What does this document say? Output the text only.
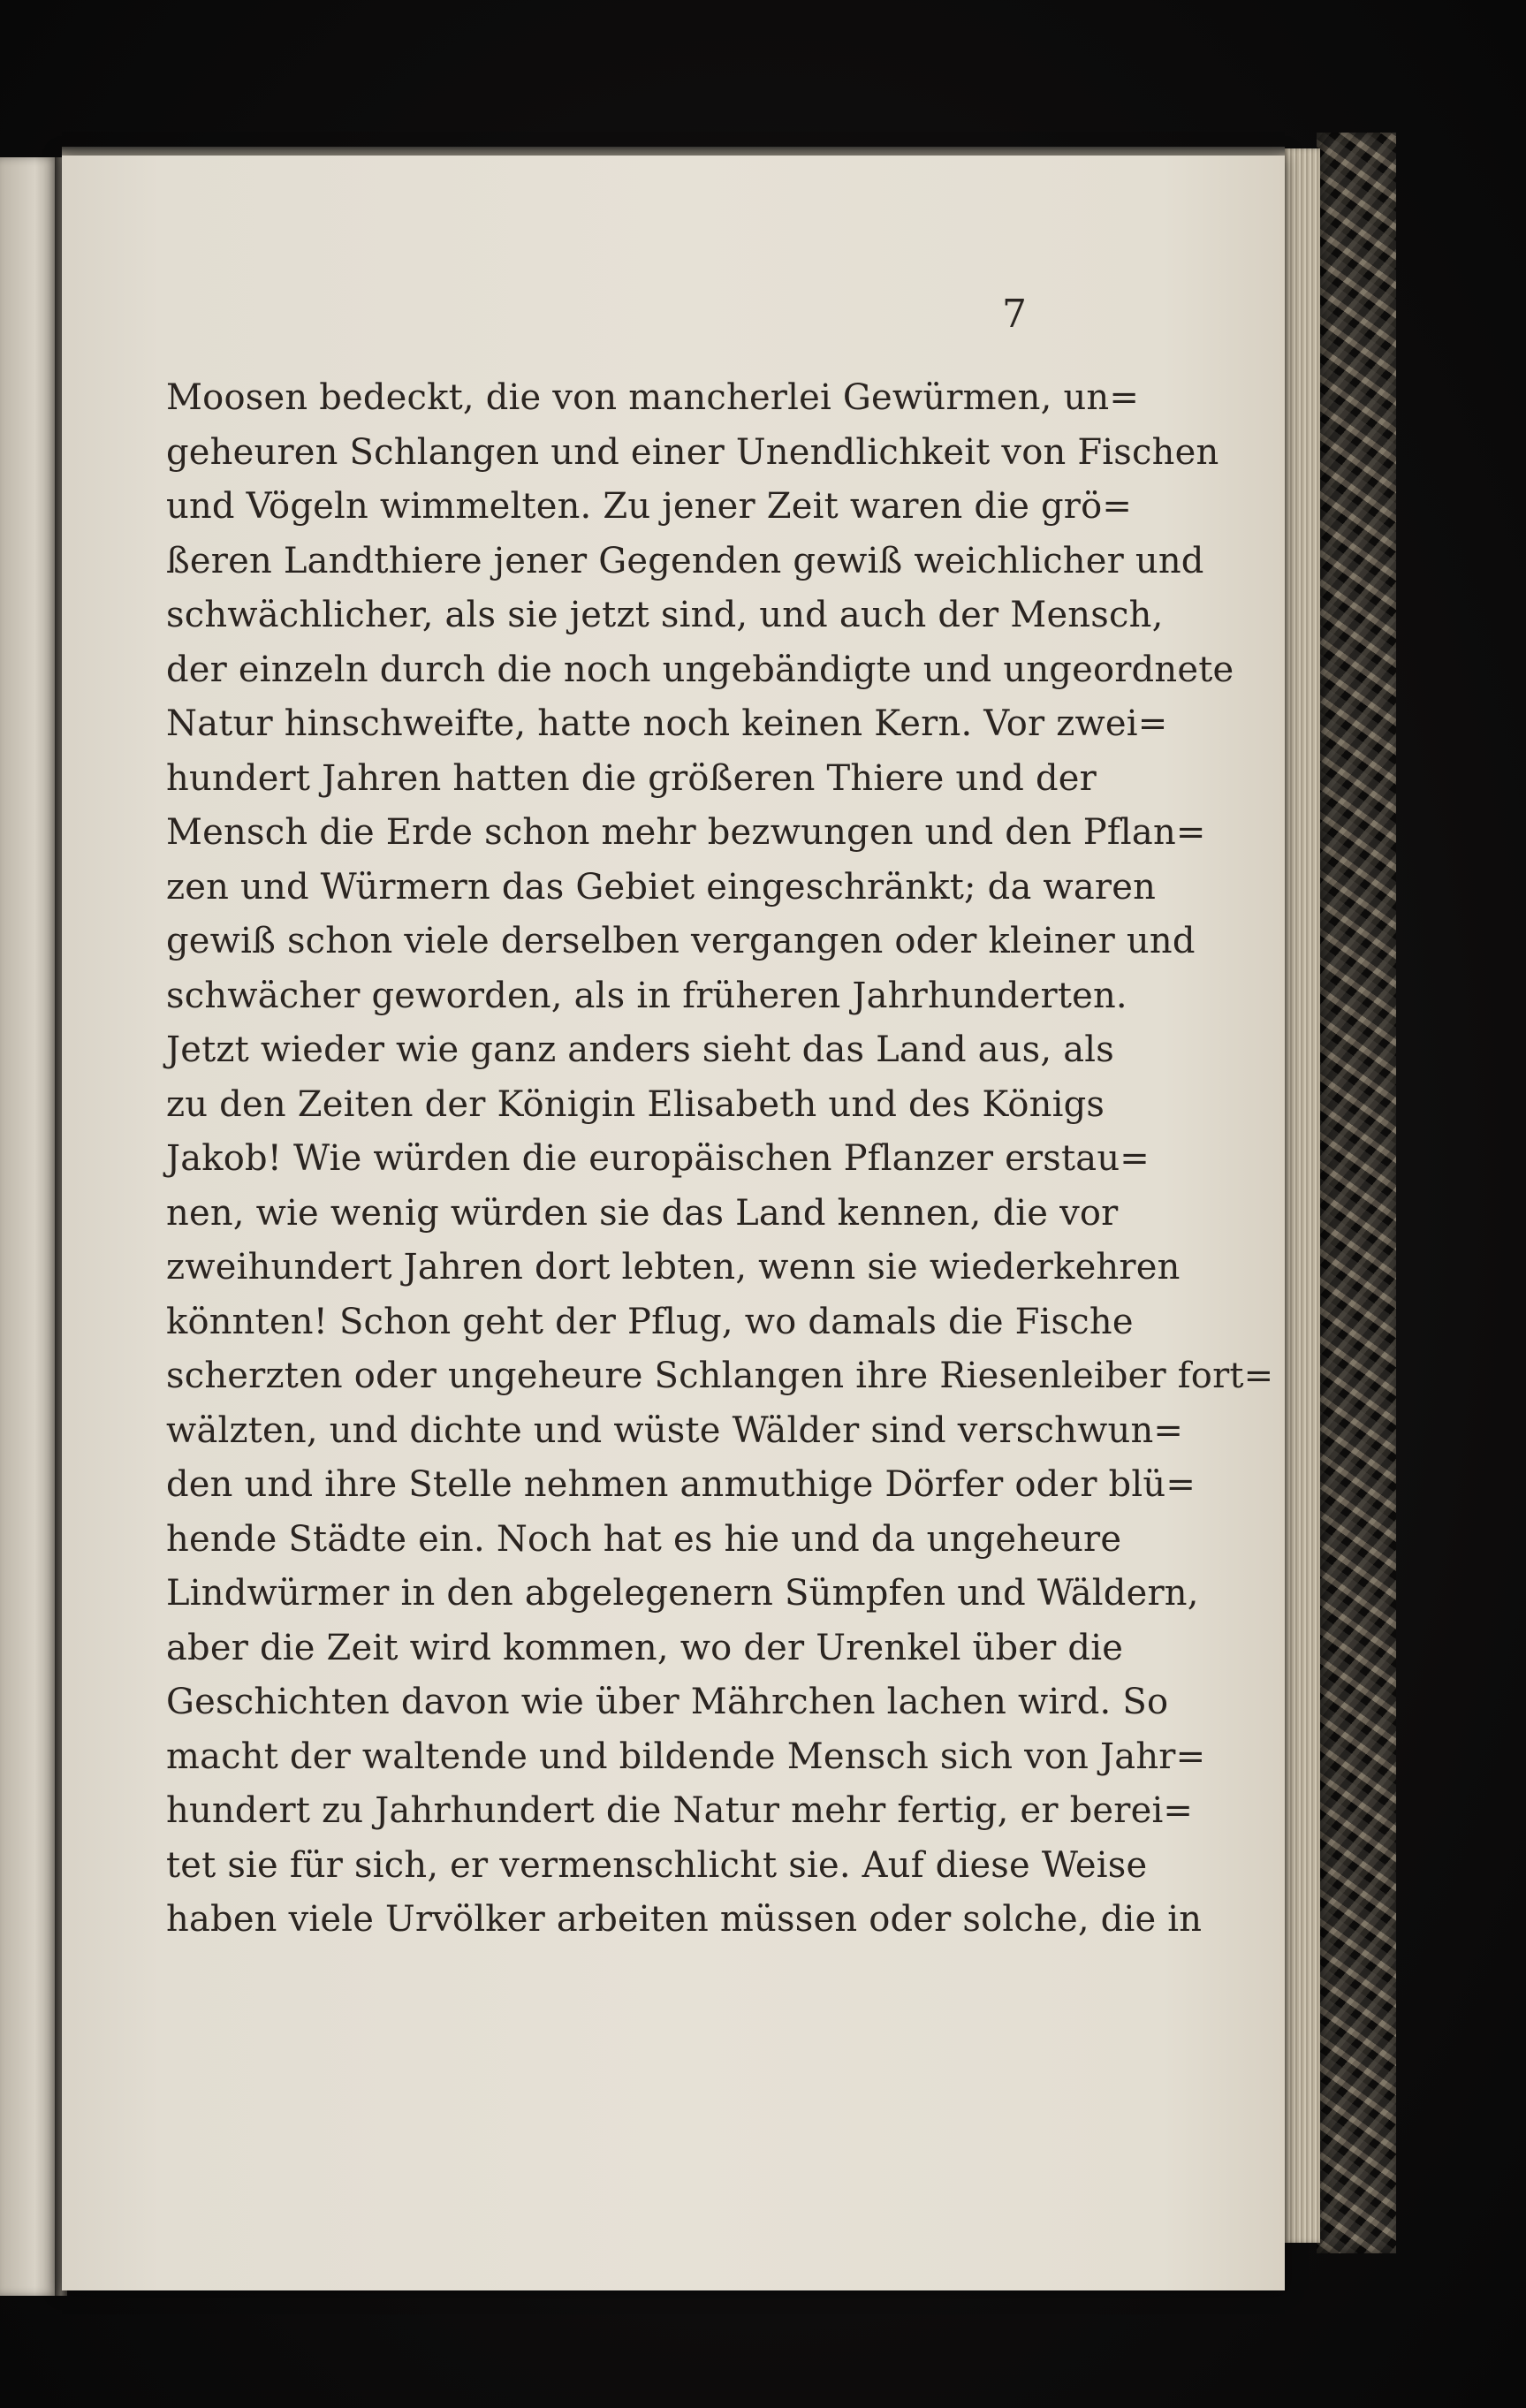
7
Moosen bedeckt, die von mancherlei Gewürmen, un=
geheuren Schlangen und einer Unendlichkeit von Fischen
und Vögeln wimmelten. Zu jener Zeit waren die grö=
ßeren Landthiere jener Gegenden gewiß weichlicher und
schwächlicher, als sie jetzt sind, und auch der Mensch,
der einzeln durch die noch ungebändigte und ungeordnete
Natur hinschweifte, hatte noch keinen Kern. Vor zwei=
hundert Jahren hatten die größeren Thiere und der
Mensch die Erde schon mehr bezwungen und den Pflan=
zen und Würmern das Gebiet eingeschränkt; da waren
gewiß schon viele derselben vergangen oder kleiner und
schwächer geworden, als in früheren Jahrhunderten.
Jetzt wieder wie ganz anders sieht das Land aus, als
zu den Zeiten der Königin Elisabeth und des Königs
Jakob! Wie würden die europäischen Pflanzer erstau=
nen, wie wenig würden sie das Land kennen, die vor
zweihundert Jahren dort lebten, wenn sie wiederkehren
könnten! Schon geht der Pflug, wo damals die Fische
scherzten oder ungeheure Schlangen ihre Riesenleiber fort=
wälzten, und dichte und wüste Wälder sind verschwun=
den und ihre Stelle nehmen anmuthige Dörfer oder blü=
hende Städte ein. Noch hat es hie und da ungeheure
Lindwürmer in den abgelegenern Sümpfen und Wäldern,
aber die Zeit wird kommen, wo der Urenkel über die
Geschichten davon wie über Mährchen lachen wird. So
macht der waltende und bildende Mensch sich von Jahr=
hundert zu Jahrhundert die Natur mehr fertig, er berei=
tet sie für sich, er vermenschlicht sie. Auf diese Weise
haben viele Urvölker arbeiten müssen oder solche, die in
